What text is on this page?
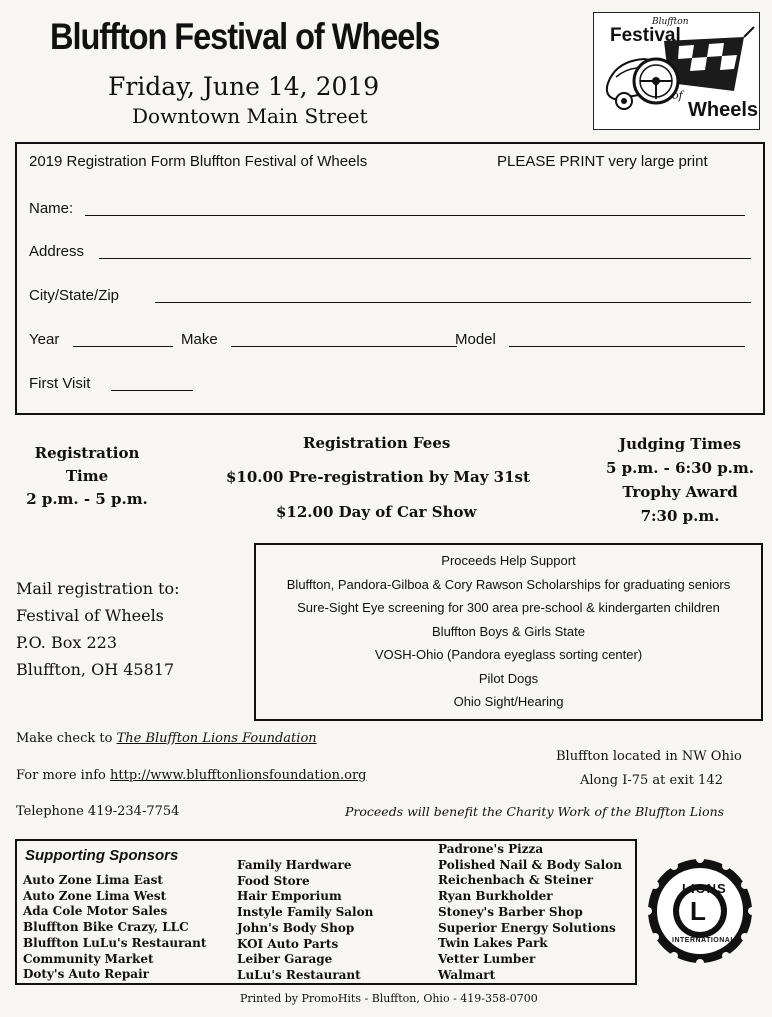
Bluffton Festival of Wheels
Friday, June 14, 2019
Downtown Main Street
Bluffton
Festival
of
Wheels
2019 Registration Form Bluffton Festival of Wheels	PLEASE PRINT very large print
Name:
Address
City/State/Zip
Year	Make	Model
First Visit
Registration
Time
2 p.m. - 5 p.m.
Registration Fees
$10.00 Pre-registration by May 31st
$12.00 Day of Car Show
Judging Times
5 p.m. - 6:30 p.m.
Trophy Award
7:30 p.m.
Mail registration to:
Festival of Wheels
P.O. Box 223
Bluffton, OH 45817
Proceeds Help Support
Bluffton, Pandora-Gilboa & Cory Rawson Scholarships for graduating seniors
Sure-Sight Eye screening for 300 area pre-school & kindergarten children
Bluffton Boys & Girls State
VOSH-Ohio (Pandora eyeglass sorting center)
Pilot Dogs
Ohio Sight/Hearing
Make check to The Bluffton Lions Foundation
For more info http://www.blufftonlionsfoundation.org
Telephone 419-234-7754
Bluffton located in NW Ohio
Along I-75 at exit 142
Proceeds will benefit the Charity Work of the Bluffton Lions
Supporting Sponsors
Auto Zone Lima East
Auto Zone Lima West
Ada Cole Motor Sales
Bluffton Bike Crazy, LLC
Bluffton LuLu's Restaurant
Community Market
Doty's Auto Repair
Family Hardware
Food Store
Hair Emporium
Instyle Family Salon
John's Body Shop
KOI Auto Parts
Leiber Garage
LuLu's Restaurant
Padrone's Pizza
Polished Nail & Body Salon
Reichenbach & Steiner
Ryan Burkholder
Stoney's Barber Shop
Superior Energy Solutions
Twin Lakes Park
Vetter Lumber
Walmart
LIONS
L
INTERNATIONAL
Printed by PromoHits - Bluffton, Ohio - 419-358-0700
